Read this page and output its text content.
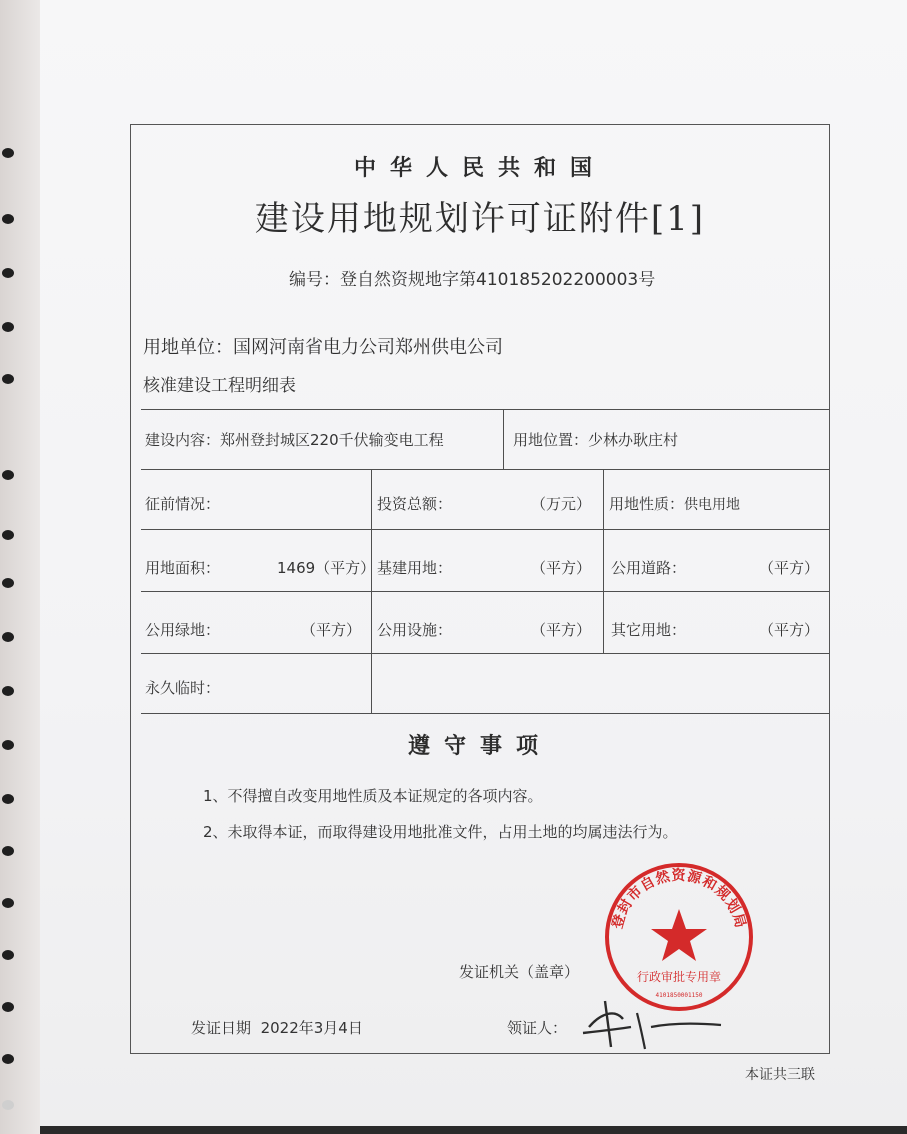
中华人民共和国
建设用地规划许可证附件[1]
编号：登自然资规地字第410185202200003号
用地单位：国网河南省电力公司郑州供电公司
核准建设工程明细表
建设内容：郑州登封城区220千伏输变电工程	用地位置：少林办耿庄村
征前情况：	投资总额：	（万元） 用地性质：供电用地
用地面积：	1469（平方） 基建用地：	（平方） 公用道路：	（平方）
公用绿地：	（平方） 公用设施：	（平方） 其它用地：	（平方）
永久临时：
遵守事项
1、不得擅自改变用地性质及本证规定的各项内容。
2、未取得本证，而取得建设用地批准文件，占用土地的均属违法行为。
发证机关（盖章）
发证日期 2022年3月4日	领证人：
登封市自然资源和规划局
行政审批专用章
4101850001150
本证共三联
